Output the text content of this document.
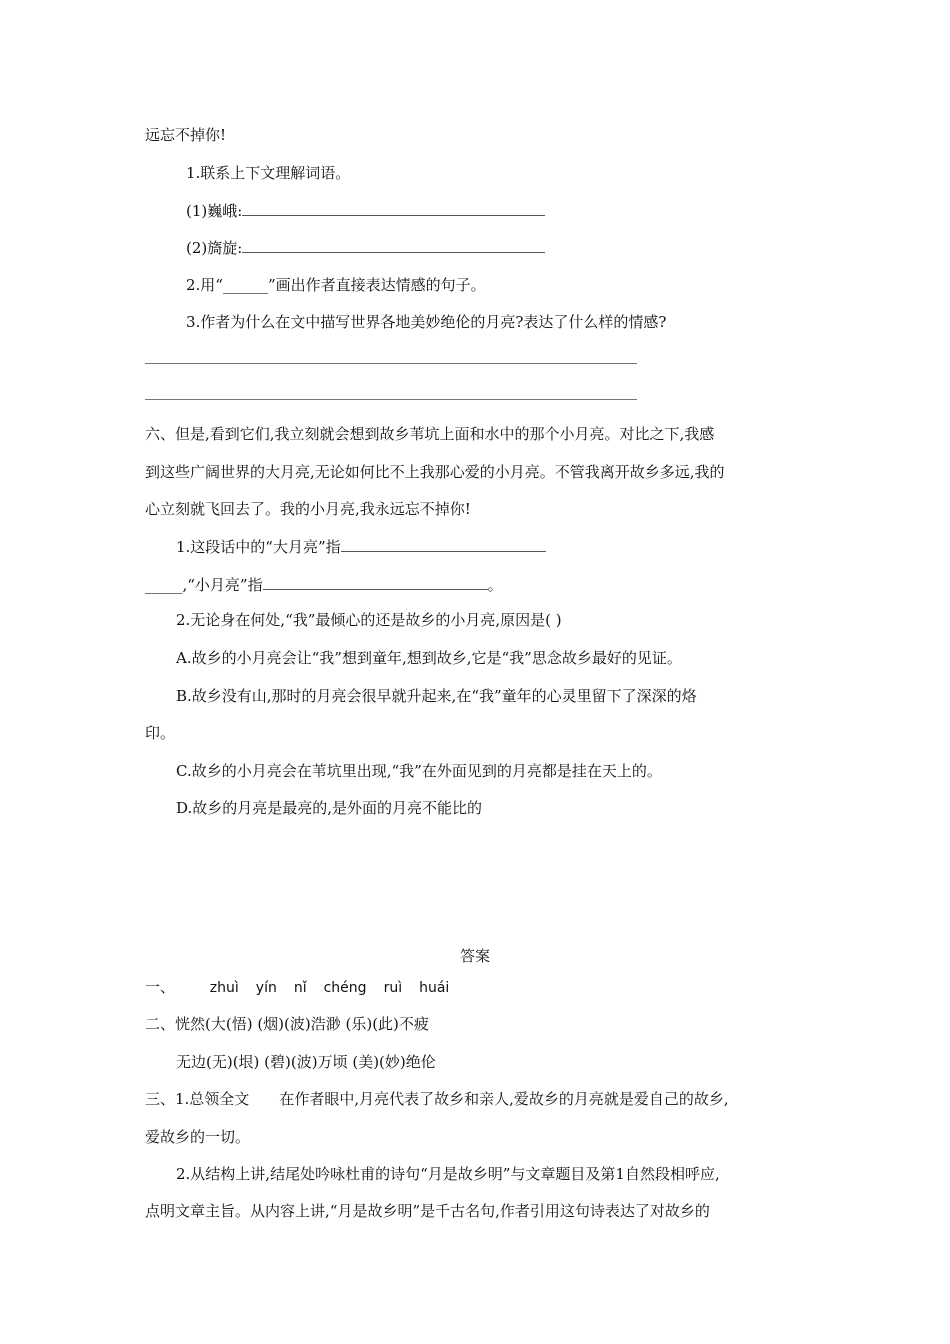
远忘不掉你!
1.联系上下文理解词语。
(1)巍峨:
(2)旖旋:
2.用“______”画出作者直接表达情感的句子。
3.作者为什么在文中描写世界各地美妙绝伦的月亮?表达了什么样的情感?
六、但是,看到它们,我立刻就会想到故乡苇坑上面和水中的那个小月亮。对比之下,我感
到这些广阔世界的大月亮,无论如何比不上我那心爱的小月亮。不管我离开故乡多远,我的
心立刻就飞回去了。我的小月亮,我永远忘不掉你!
1.这段话中的“大月亮”指
_____,“小月亮”指	。
2.无论身在何处,“我”最倾心的还是故乡的小月亮,原因是( )
A.故乡的小月亮会让“我”想到童年,想到故乡,它是“我”思念故乡最好的见证。
B.故乡没有山,那时的月亮会很早就升起来,在“我”童年的心灵里留下了深深的烙
印。
C.故乡的小月亮会在苇坑里出现,“我”在外面见到的月亮都是挂在天上的。
D.故乡的月亮是最亮的,是外面的月亮不能比的
答案
一、 zhuì yín nǐ chéng ruì huái
二、恍然(大(悟) (烟)(波)浩渺 (乐)(此)不疲
无边(无)(垠) (碧)(波)万顷 (美)(妙)绝伦
三、1.总领全文 在作者眼中,月亮代表了故乡和亲人,爱故乡的月亮就是爱自己的故乡,
爱故乡的一切。
2.从结构上讲,结尾处吟咏杜甫的诗句“月是故乡明”与文章题目及第1自然段相呼应,
点明文章主旨。从内容上讲,“月是故乡明”是千古名句,作者引用这句诗表达了对故乡的
